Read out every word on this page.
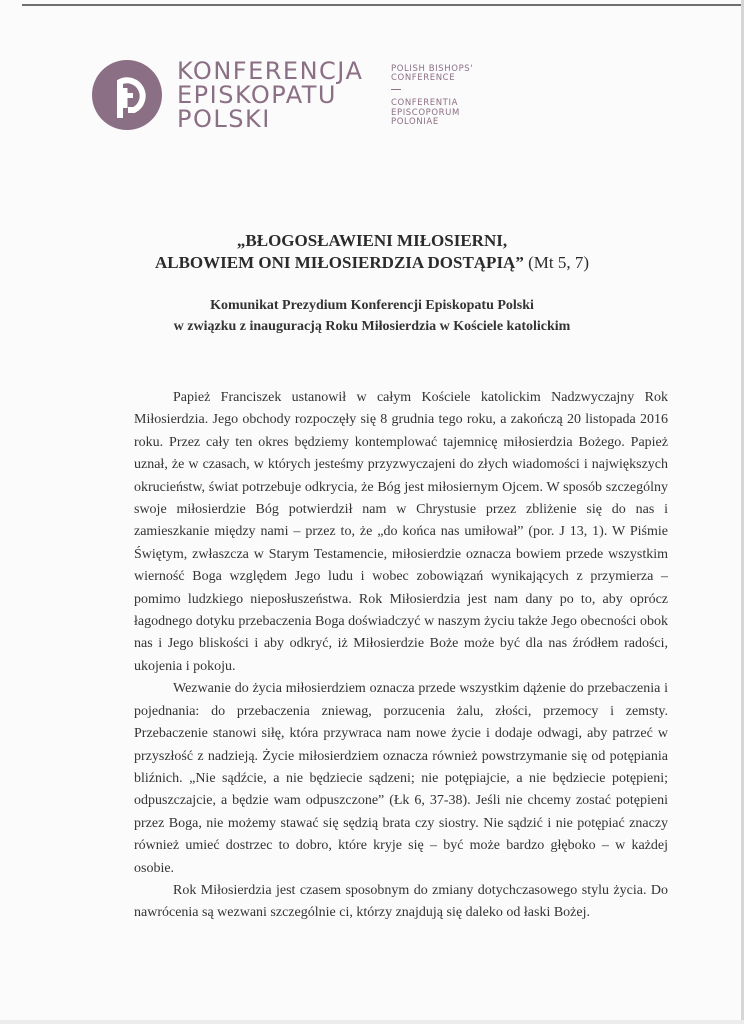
KONFERENCJA
EPISKOPATU
POLSKI
POLISH BISHOPS'
CONFERENCE
CONFERENTIA
EPISCOPORUM
POLONIAE
„BŁOGOSŁAWIENI MIŁOSIERNI,
ALBOWIEM ONI MIŁOSIERDZIA DOSTĄPIĄ” (Mt 5, 7)
Komunikat Prezydium Konferencji Episkopatu Polski
w związku z inauguracją Roku Miłosierdzia w Kościele katolickim

Papież Franciszek ustanowił w całym Kościele katolickim Nadzwyczajny Rok Miłosierdzia. Jego obchody rozpoczęły się 8 grudnia tego roku, a zakończą 20 listopada 2016 roku. Przez cały ten okres będziemy kontemplować tajemnicę miłosierdzia Bożego. Papież uznał, że w czasach, w których jesteśmy przyzwyczajeni do złych wiadomości i największych okrucieństw, świat potrzebuje odkrycia, że Bóg jest miłosiernym Ojcem. W sposób szczególny swoje miłosierdzie Bóg potwierdził nam w Chrystusie przez zbliżenie się do nas i zamieszkanie między nami – przez to, że „do końca nas umiłował” (por. J 13, 1). W Piśmie Świętym, zwłaszcza w Starym Testamencie, miłosierdzie oznacza bowiem przede wszystkim wierność Boga względem Jego ludu i wobec zobowiązań wynikających z przymierza – pomimo ludzkiego nieposłuszeństwa. Rok Miłosierdzia jest nam dany po to, aby oprócz łagodnego dotyku przebaczenia Boga doświadczyć w naszym życiu także Jego obecności obok nas i Jego bliskości i aby odkryć, iż Miłosierdzie Boże może być dla nas źródłem radości, ukojenia i pokoju.

Wezwanie do życia miłosierdziem oznacza przede wszystkim dążenie do przebaczenia i pojednania: do przebaczenia zniewag, porzucenia żalu, złości, przemocy i zemsty. Przebaczenie stanowi siłę, która przywraca nam nowe życie i dodaje odwagi, aby patrzeć w przyszłość z nadzieją. Życie miłosierdziem oznacza również powstrzymanie się od potępiania bliźnich. „Nie sądźcie, a nie będziecie sądzeni; nie potępiajcie, a nie będziecie potępieni; odpuszczajcie, a będzie wam odpuszczone” (Łk 6, 37-38). Jeśli nie chcemy zostać potępieni przez Boga, nie możemy stawać się sędzią brata czy siostry. Nie sądzić i nie potępiać znaczy również umieć dostrzec to dobro, które kryje się – być może bardzo głęboko – w każdej osobie.

Rok Miłosierdzia jest czasem sposobnym do zmiany dotychczasowego stylu życia. Do nawrócenia są wezwani szczególnie ci, którzy znajdują się daleko od łaski Bożej.
